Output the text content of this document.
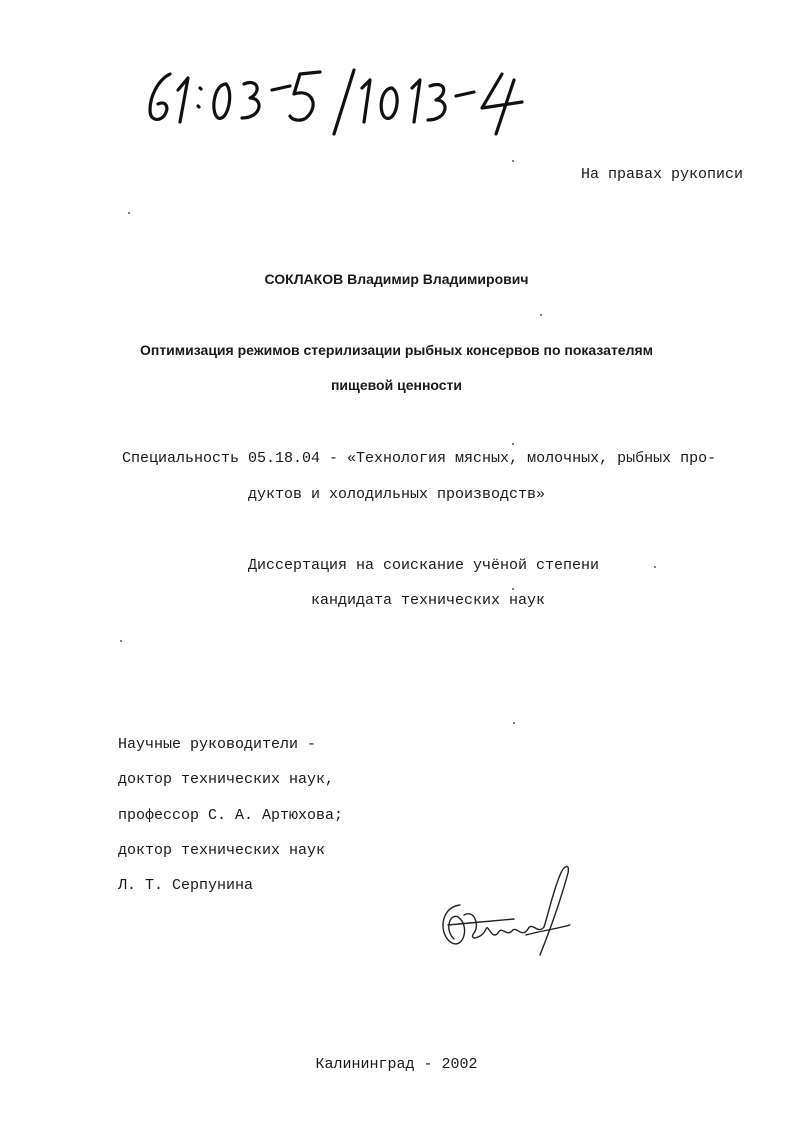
На правах рукописи
СОКЛАКОВ Владимир Владимирович
Оптимизация режимов стерилизации рыбных консервов по показателям
пищевой ценности
Специальность 05.18.04 - «Технология мясных, молочных, рыбных про-
дуктов и холодильных производств»
Диссертация на соискание учёной степени
кандидата технических наук
Научные руководители -
доктор технических наук,
профессор С. А. Артюхова;
доктор технических наук
Л. Т. Серпунина
Калининград - 2002
